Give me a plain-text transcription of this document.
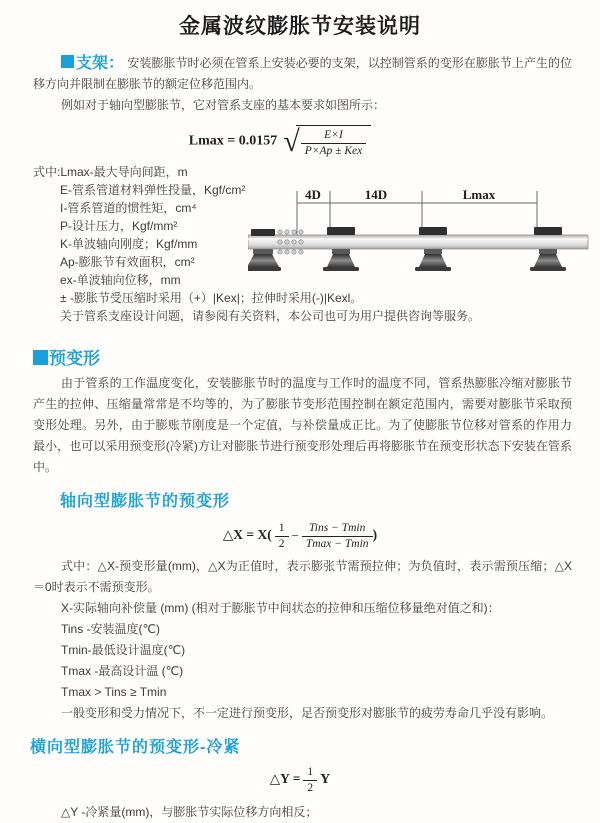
金属波纹膨胀节安装说明

支架： 安装膨胀节时必须在管系上安装必要的支架，以控制管系的变形在膨胀节上产生的位移方向并限制在膨胀节的额定位移范围内。

例如对于轴向型膨胀节，它对管系支座的基本要求如图所示：

Lmax = 0.0157 √ $\frac{E\times I}{\text{P×Ap ± Kex}}$
式中:Lmax-最大导向间距，m
E-管系管道材料弹性投量，Kgf/cm²
I-管系管道的惯性矩，cm⁴
P-设计压力，Kgf/mm²
K-单波轴向刚度；Kgf/mm
Ap-膨胀节有效面积，cm²
ex-单波轴向位移，mm
± -膨胀节受压缩时采用（+）|Kex|；拉伸时采用(-)|Kexl。
关于管系支座设计问题，请参阅有关资料，本公司也可为用户提供咨询等服务。
4D	14D	Lmax
预变形

由于管系的工作温度变化，安装膨胀节时的温度与工作时的温度不同，管系热膨胀冷缩对膨胀节产生的拉伸、压缩量常常是不均等的，为了膨胀节变形范围控制在额定范围内，需要对膨胀节采取预变形处理。另外，由于膨账节刚度是一个定值，与补偿量成正比。为了使膨胀节位移对管系的作用力最小，也可以采用预变形(冷紧)方让对膨胀节进行预变形处理后再将膨胀节在预变形状态下安装在管系中。

轴向型膨胀节的预变形
△X = $X( \frac{1}{2} - \frac{\text{Tins − Tmin}}{Tmax - Tmin}$ )

式中：△X-预变形量(mm)，△X为正值时，表示膨张节需预拉伸；为负值时，表示需预压缩；△X＝0时表示不需预变形。

X-实际轴向补偿量 (mm) (相对于膨胀节中间状态的拉伸和压缩位移量绝对值之和)：

Tins -安装温度(℃)

Tmin-最低设计温度(℃)

Tmax -最高设计温 (℃)

Tmax > Tins ≥ Tmin

一般变形和受力情况下，不一定进行预变形，足否预变形对膨胀节的疲劳寿命几乎没有影响。

横向型膨胀节的预变形-冷紧
△Y = $\frac{1}{2}$ Y

△Y -冷紧量(mm)，与膨胀节实际位移方向相反；
